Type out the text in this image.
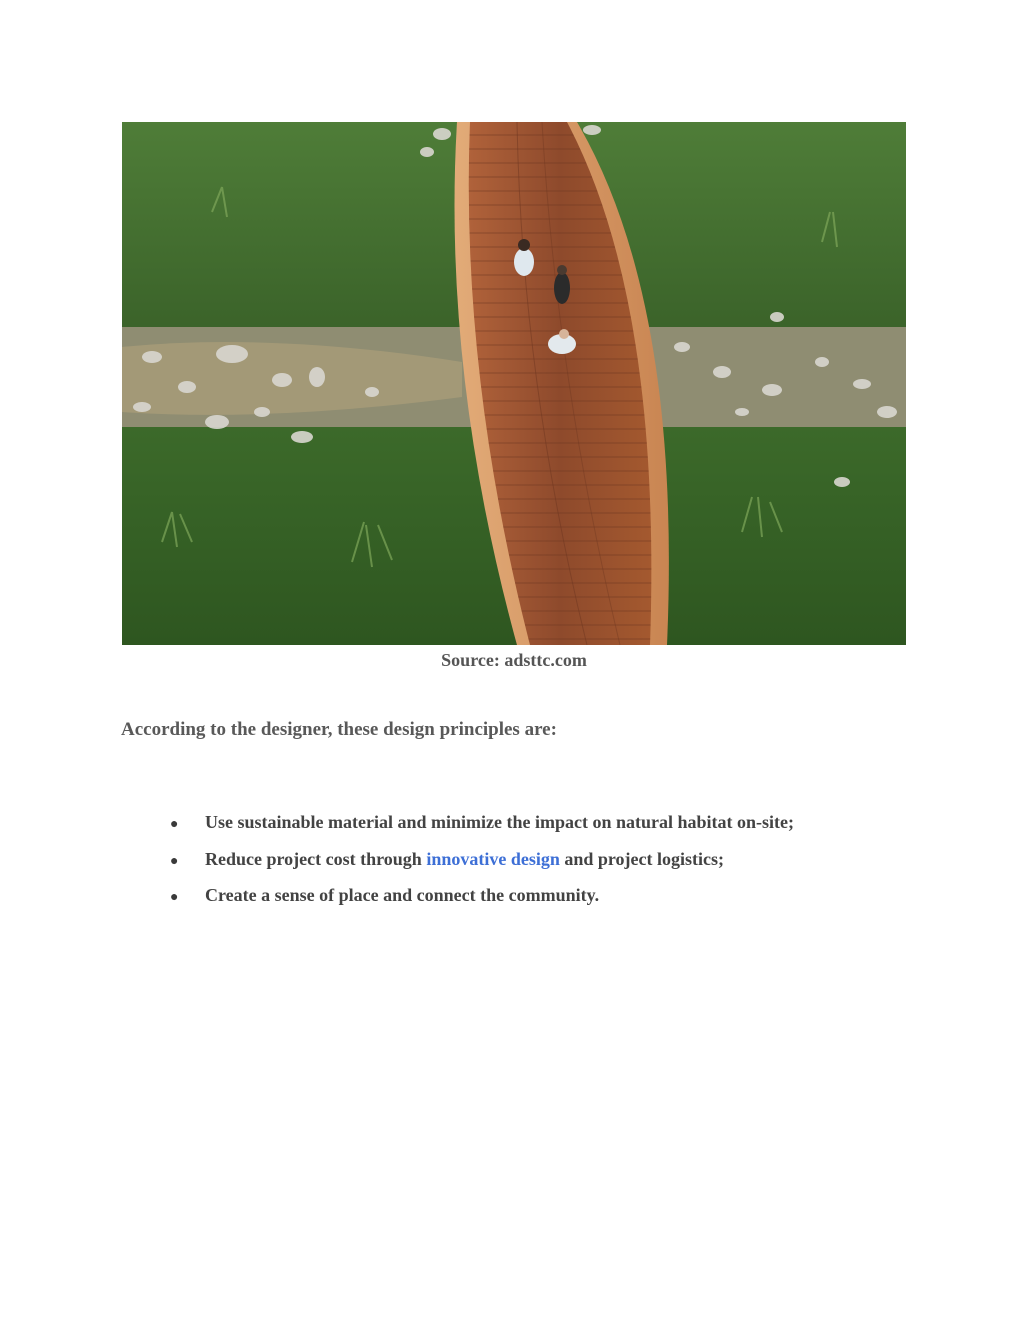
Source: adsttc.com
According to the designer, these design principles are:
● Use sustainable material and minimize the impact on natural habitat on-site;
● Reduce project cost through innovative design and project logistics;
● Create a sense of place and connect the community.
